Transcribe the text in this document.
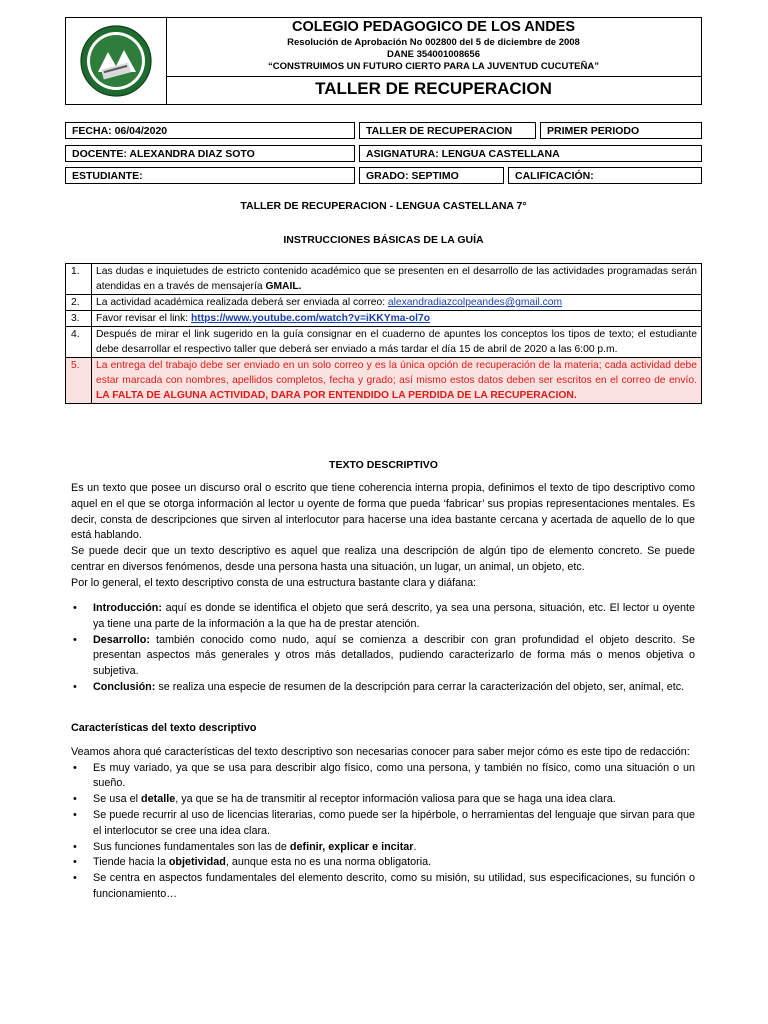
COLEGIO PEDAGOGICO DE LOS ANDES
Resolución de Aprobación No 002800 del 5 de diciembre de 2008
DANE 354001008656
“CONSTRUIMOS UN FUTURO CIERTO PARA LA JUVENTUD CUCUTEÑA”
TALLER DE RECUPERACION
FECHA: 06/04/2020	TALLER DE RECUPERACION	PRIMER PERIODO
DOCENTE: ALEXANDRA DIAZ SOTO	ASIGNATURA: LENGUA CASTELLANA
ESTUDIANTE:	GRADO: SEPTIMO	CALIFICACIÓN:
TALLER DE RECUPERACION - LENGUA CASTELLANA 7°
INSTRUCCIONES BÁSICAS DE LA GUÍA
1.	Las dudas e inquietudes de estricto contenido académico que se presenten en el desarrollo de las actividades programadas serán atendidas en a través de mensajería GMAIL.
2.	La actividad académica realizada deberá ser enviada al correo: alexandradiazcolpeandes@gmail.com
3.	Favor revisar el link: https://www.youtube.com/watch?v=iKKYma-ol7o
4.	Después de mirar el link sugerido en la guía consignar en el cuaderno de apuntes los conceptos los tipos de texto; el estudiante debe desarrollar el respectivo taller que deberá ser enviado a más tardar el día 15 de abril de 2020 a las 6:00 p.m.
5.	La entrega del trabajo debe ser enviado en un solo correo y es la única opción de recuperación de la materia; cada actividad debe estar marcada con nombres, apellidos completos, fecha y grado; así mismo estos datos deben ser escritos en el correo de envío. LA FALTA DE ALGUNA ACTIVIDAD, DARA POR ENTENDIDO LA PERDIDA DE LA RECUPERACION.
TEXTO DESCRIPTIVO

Es un texto que posee un discurso oral o escrito que tiene coherencia interna propia, definimos el texto de tipo descriptivo como aquel en el que se otorga información al lector u oyente de forma que pueda ‘fabricar’ sus propias representaciones mentales. Es decir, consta de descripciones que sirven al interlocutor para hacerse una idea bastante cercana y acertada de aquello de lo que está hablando.

Se puede decir que un texto descriptivo es aquel que realiza una descripción de algún tipo de elemento concreto. Se puede centrar en diversos fenómenos, desde una persona hasta una situación, un lugar, un animal, un objeto, etc.

Por lo general, el texto descriptivo consta de una estructura bastante clara y diáfana:

• Introducción: aquí es donde se identifica el objeto que será descrito, ya sea una persona, situación, etc. El lector u oyente ya tiene una parte de la información a la que ha de prestar atención.
• Desarrollo: también conocido como nudo, aquí se comienza a describir con gran profundidad el objeto descrito. Se presentan aspectos más generales y otros más detallados, pudiendo caracterizarlo de forma más o menos objetiva o subjetiva.
• Conclusión: se realiza una especie de resumen de la descripción para cerrar la caracterización del objeto, ser, animal, etc.

Características del texto descriptivo

Veamos ahora qué características del texto descriptivo son necesarias conocer para saber mejor cómo es este tipo de redacción:

• Es muy variado, ya que se usa para describir algo físico, como una persona, y también no físico, como una situación o un sueño.
• Se usa el detalle, ya que se ha de transmitir al receptor información valiosa para que se haga una idea clara.
• Se puede recurrir al uso de licencias literarias, como puede ser la hipérbole, o herramientas del lenguaje que sirvan para que el interlocutor se cree una idea clara.
• Sus funciones fundamentales son las de definir, explicar e incitar.
• Tiende hacia la objetividad, aunque esta no es una norma obligatoria.
• Se centra en aspectos fundamentales del elemento descrito, como su misión, su utilidad, sus especificaciones, su función o funcionamiento…
